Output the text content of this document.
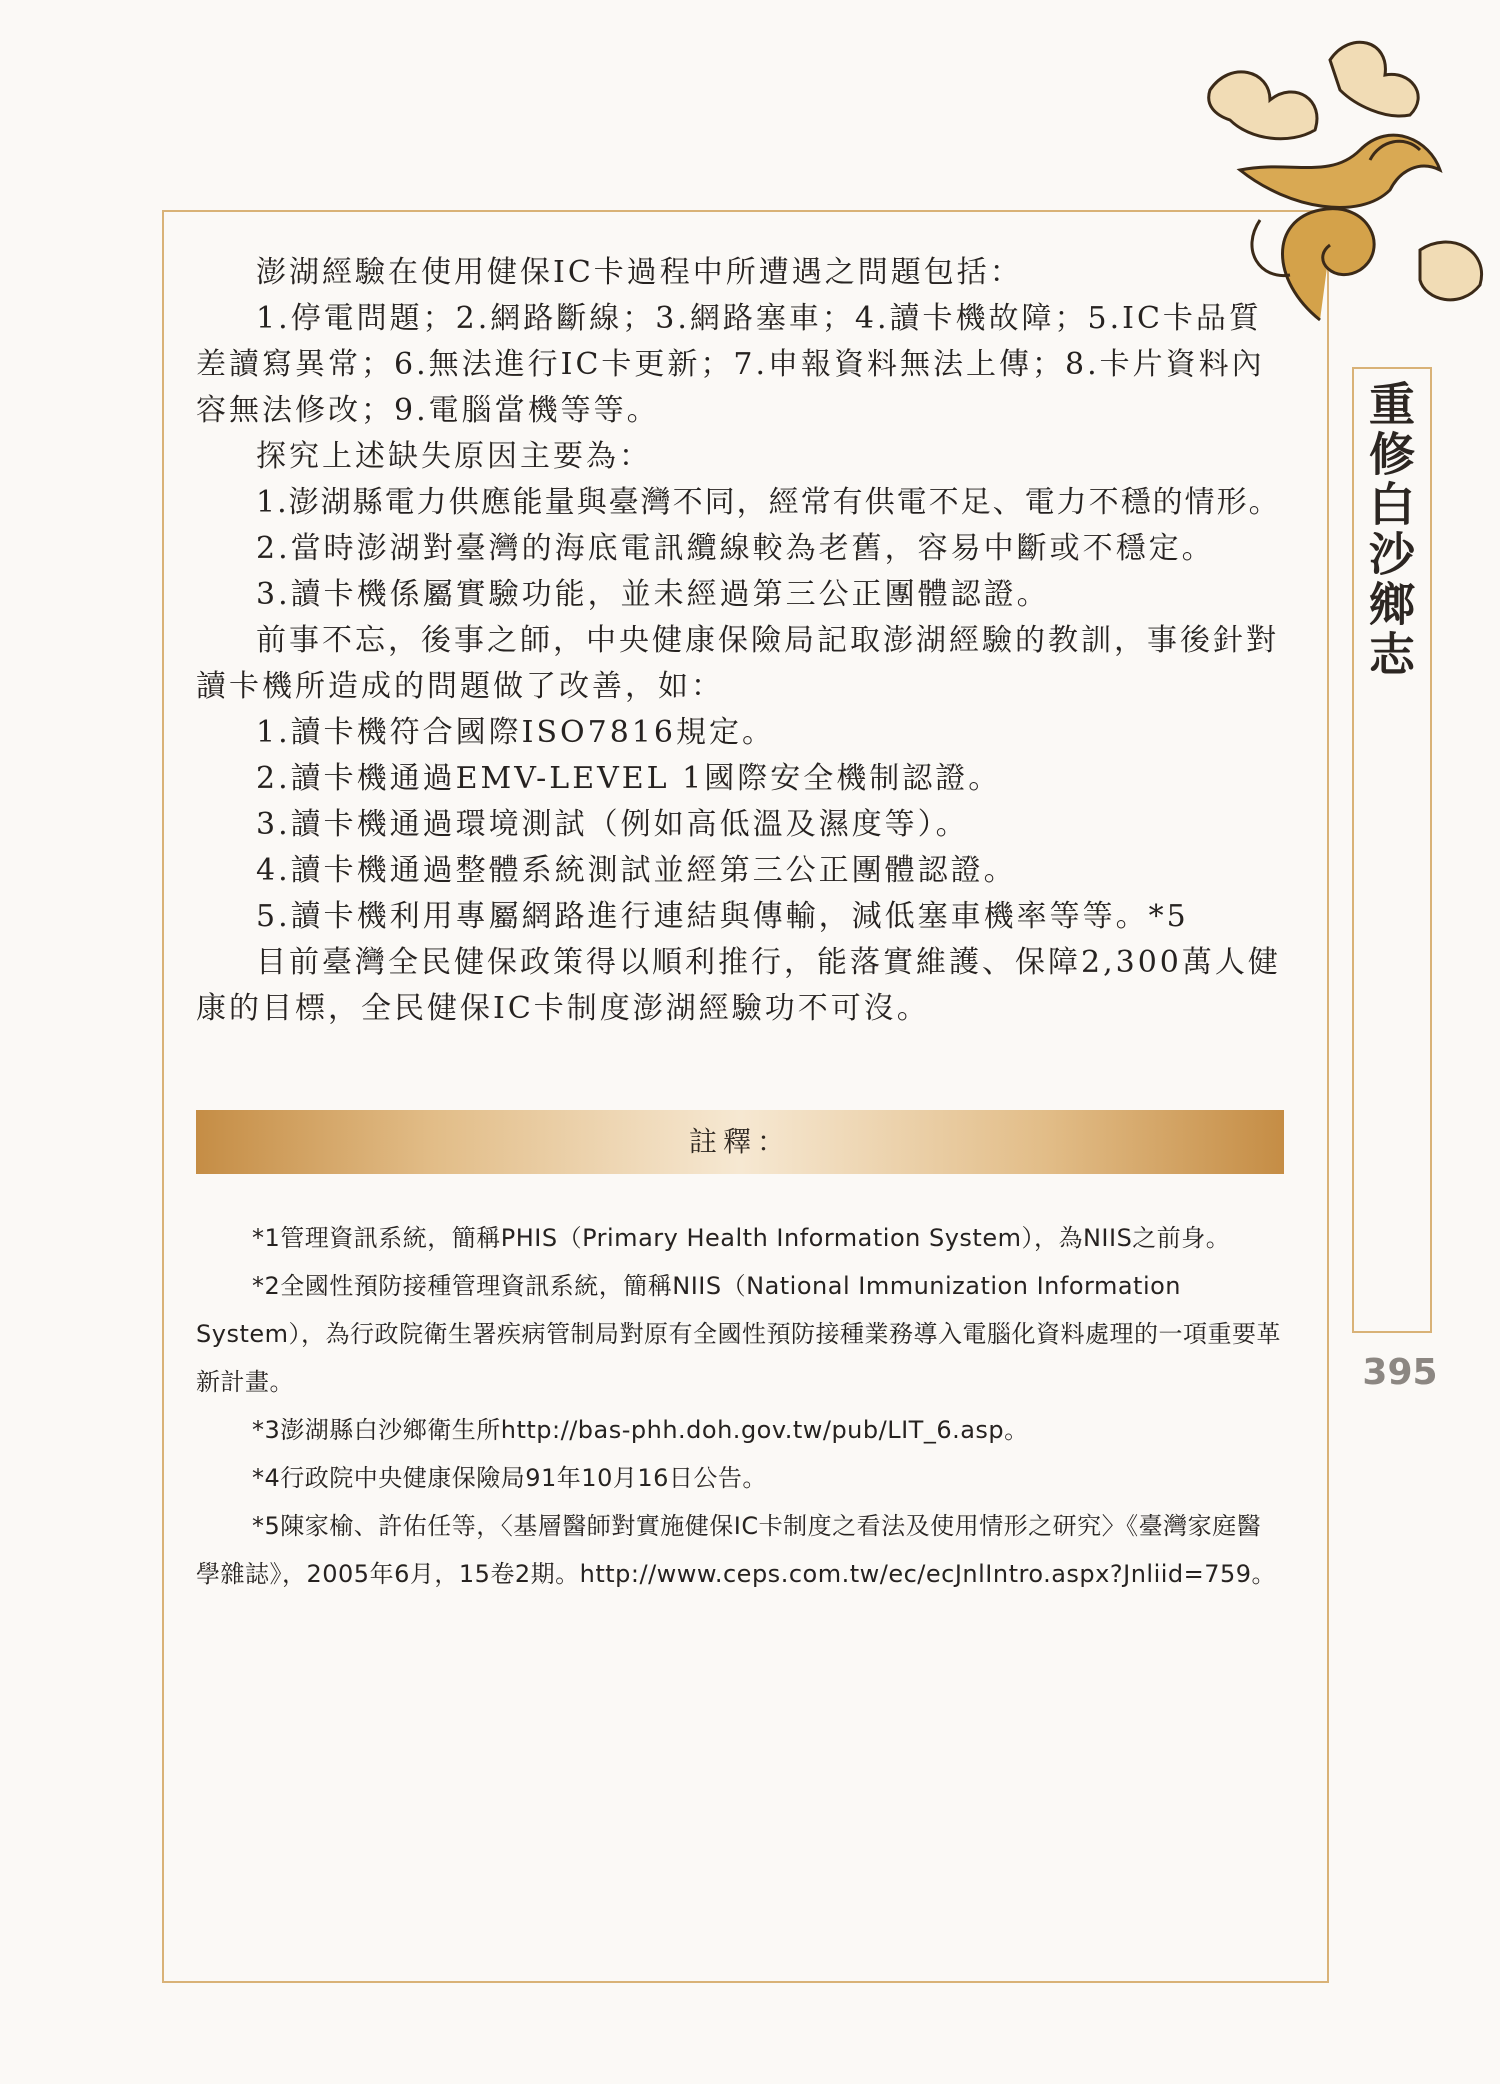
重修白沙鄉志
395

澎湖經驗在使用健保IC卡過程中所遭遇之問題包括：

1.停電問題；2.網路斷線；3.網路塞車；4.讀卡機故障；5.IC卡品質差讀寫異常；6.無法進行IC卡更新；7.申報資料無法上傳；8.卡片資料內容無法修改；9.電腦當機等等。

探究上述缺失原因主要為：

1.澎湖縣電力供應能量與臺灣不同，經常有供電不足、電力不穩的情形。

2.當時澎湖對臺灣的海底電訊纜線較為老舊，容易中斷或不穩定。

3.讀卡機係屬實驗功能，並未經過第三公正團體認證。

前事不忘，後事之師，中央健康保險局記取澎湖經驗的教訓，事後針對讀卡機所造成的問題做了改善，如：

1.讀卡機符合國際ISO7816規定。

2.讀卡機通過EMV-LEVEL 1國際安全機制認證。

3.讀卡機通過環境測試（例如高低溫及濕度等）。

4.讀卡機通過整體系統測試並經第三公正團體認證。

5.讀卡機利用專屬網路進行連結與傳輸，減低塞車機率等等。*5

目前臺灣全民健保政策得以順利推行，能落實維護、保障2,300萬人健康的目標，全民健保IC卡制度澎湖經驗功不可沒。

註釋：

*1管理資訊系統，簡稱PHIS（Primary Health Information System），為NIIS之前身。

*2全國性預防接種管理資訊系統，簡稱NIIS（National Immunization Information System），為行政院衛生署疾病管制局對原有全國性預防接種業務導入電腦化資料處理的一項重要革新計畫。

*3澎湖縣白沙鄉衛生所http://bas-phh.doh.gov.tw/pub/LIT_6.asp。

*4行政院中央健康保險局91年10月16日公告。

*5陳家榆、許佑任等，〈基層醫師對實施健保IC卡制度之看法及使用情形之研究〉《臺灣家庭醫學雜誌》，2005年6月，15卷2期。http://www.ceps.com.tw/ec/ecJnlIntro.aspx?Jnliid=759。
